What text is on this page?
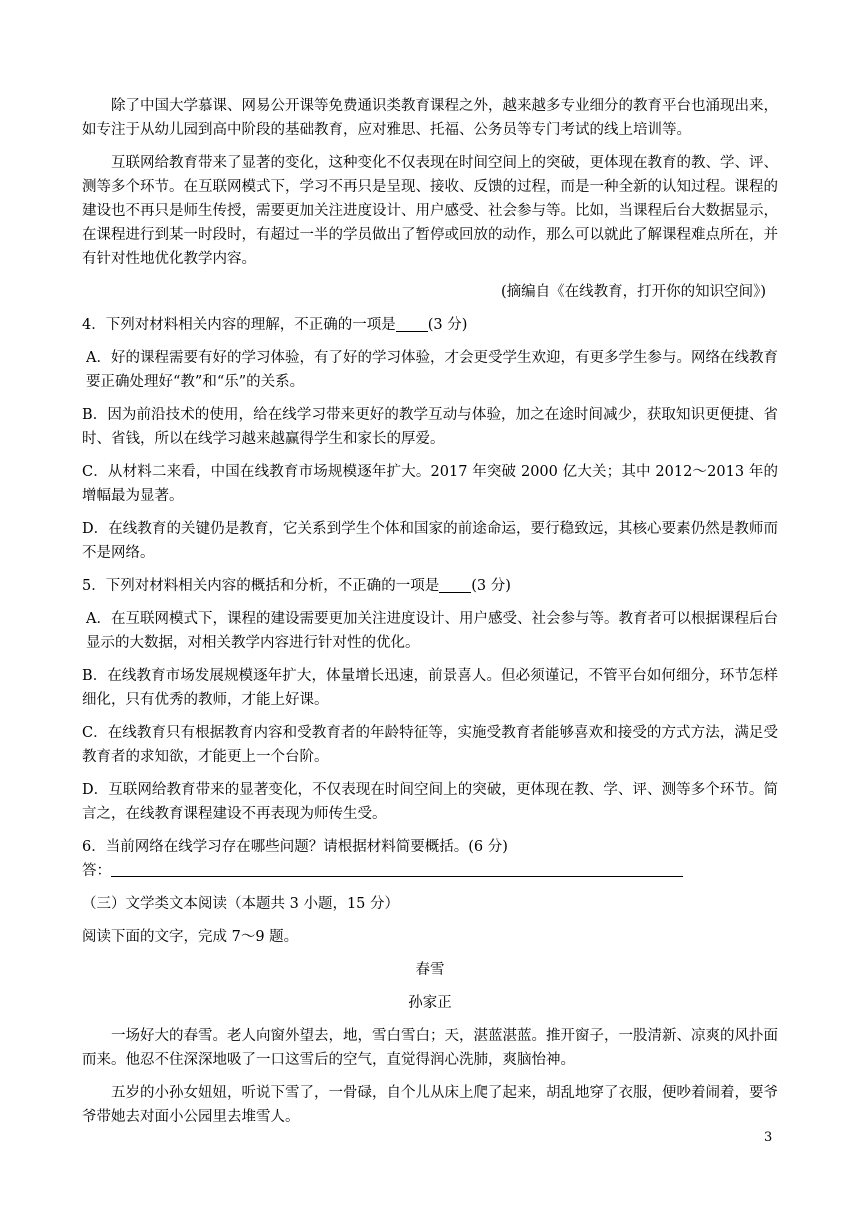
除了中国大学慕课、网易公开课等免费通识类教育课程之外，越来越多专业细分的教育平台也涌现出来，如专注于从幼儿园到高中阶段的基础教育，应对雅思、托福、公务员等专门考试的线上培训等。

互联网给教育带来了显著的变化，这种变化不仅表现在时间空间上的突破，更体现在教育的教、学、评、测等多个环节。在互联网模式下，学习不再只是呈现、接收、反馈的过程，而是一种全新的认知过程。课程的建设也不再只是师生传授，需要更加关注进度设计、用户感受、社会参与等。比如，当课程后台大数据显示，在课程进行到某一时段时，有超过一半的学员做出了暂停或回放的动作，那么可以就此了解课程难点所在，并有针对性地优化教学内容。

(摘编自《在线教育，打开你的知识空间》)

4．下列对材料相关内容的理解，不正确的一项是 (3 分)

A．好的课程需要有好的学习体验，有了好的学习体验，才会更受学生欢迎，有更多学生参与。网络在线教育要正确处理好“教”和“乐”的关系。

B．因为前沿技术的使用，给在线学习带来更好的教学互动与体验，加之在途时间减少，获取知识更便捷、省时、省钱，所以在线学习越来越赢得学生和家长的厚爱。

C．从材料二来看，中国在线教育市场规模逐年扩大。2017 年突破 2000 亿大关；其中 2012～2013 年的增幅最为显著。

D．在线教育的关键仍是教育，它关系到学生个体和国家的前途命运，要行稳致远，其核心要素仍然是教师而不是网络。

5．下列对材料相关内容的概括和分析，不正确的一项是 (3 分)

A．在互联网模式下，课程的建设需要更加关注进度设计、用户感受、社会参与等。教育者可以根据课程后台显示的大数据，对相关教学内容进行针对性的优化。

B．在线教育市场发展规模逐年扩大，体量增长迅速，前景喜人。但必须谨记，不管平台如何细分，环节怎样细化，只有优秀的教师，才能上好课。

C．在线教育只有根据教育内容和受教育者的年龄特征等，实施受教育者能够喜欢和接受的方式方法，满足受教育者的求知欲，才能更上一个台阶。

D．互联网给教育带来的显著变化，不仅表现在时间空间上的突破，更体现在教、学、评、测等多个环节。简言之，在线教育课程建设不再表现为师传生受。

6．当前网络在线学习存在哪些问题？请根据材料简要概括。(6 分)

答：

（三）文学类文本阅读（本题共 3 小题，15 分）

阅读下面的文字，完成 7～9 题。

春雪

孙家正

一场好大的春雪。老人向窗外望去，地，雪白雪白；天，湛蓝湛蓝。推开窗子，一股清新、凉爽的风扑面而来。他忍不住深深地吸了一口这雪后的空气，直觉得润心洗肺，爽脑怡神。

五岁的小孙女妞妞，听说下雪了，一骨碌，自个儿从床上爬了起来，胡乱地穿了衣服，便吵着闹着，要爷爷带她去对面小公园里去堆雪人。

3
